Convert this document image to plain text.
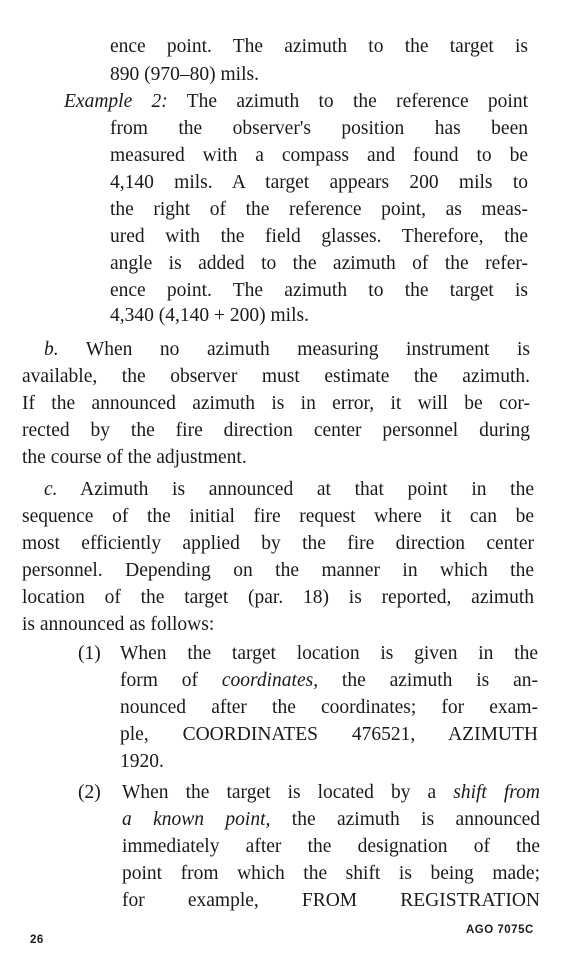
ence point. The azimuth to the target is

890 (970–80) mils.

Example 2: The azimuth to the reference point

from the observer's position has been

measured with a compass and found to be

4,140 mils. A target appears 200 mils to

the right of the reference point, as meas-

ured with the field glasses. Therefore, the

angle is added to the azimuth of the refer-

ence point. The azimuth to the target is

4,340 (4,140 + 200) mils.

b. When no azimuth measuring instrument is

available, the observer must estimate the azimuth.

If the announced azimuth is in error, it will be cor-

rected by the fire direction center personnel during

the course of the adjustment.

c. Azimuth is announced at that point in the

sequence of the initial fire request where it can be

most efficiently applied by the fire direction center

personnel. Depending on the manner in which the

location of the target (par. 18) is reported, azimuth

is announced as follows:

(1) When the target location is given in the

form of coordinates, the azimuth is an-

nounced after the coordinates; for exam-

ple, COORDINATES 476521, AZIMUTH

1920.

(2) When the target is located by a shift from

a known point, the azimuth is announced

immediately after the designation of the

point from which the shift is being made;

for example, FROM REGISTRATION

26
AGO 7075C
